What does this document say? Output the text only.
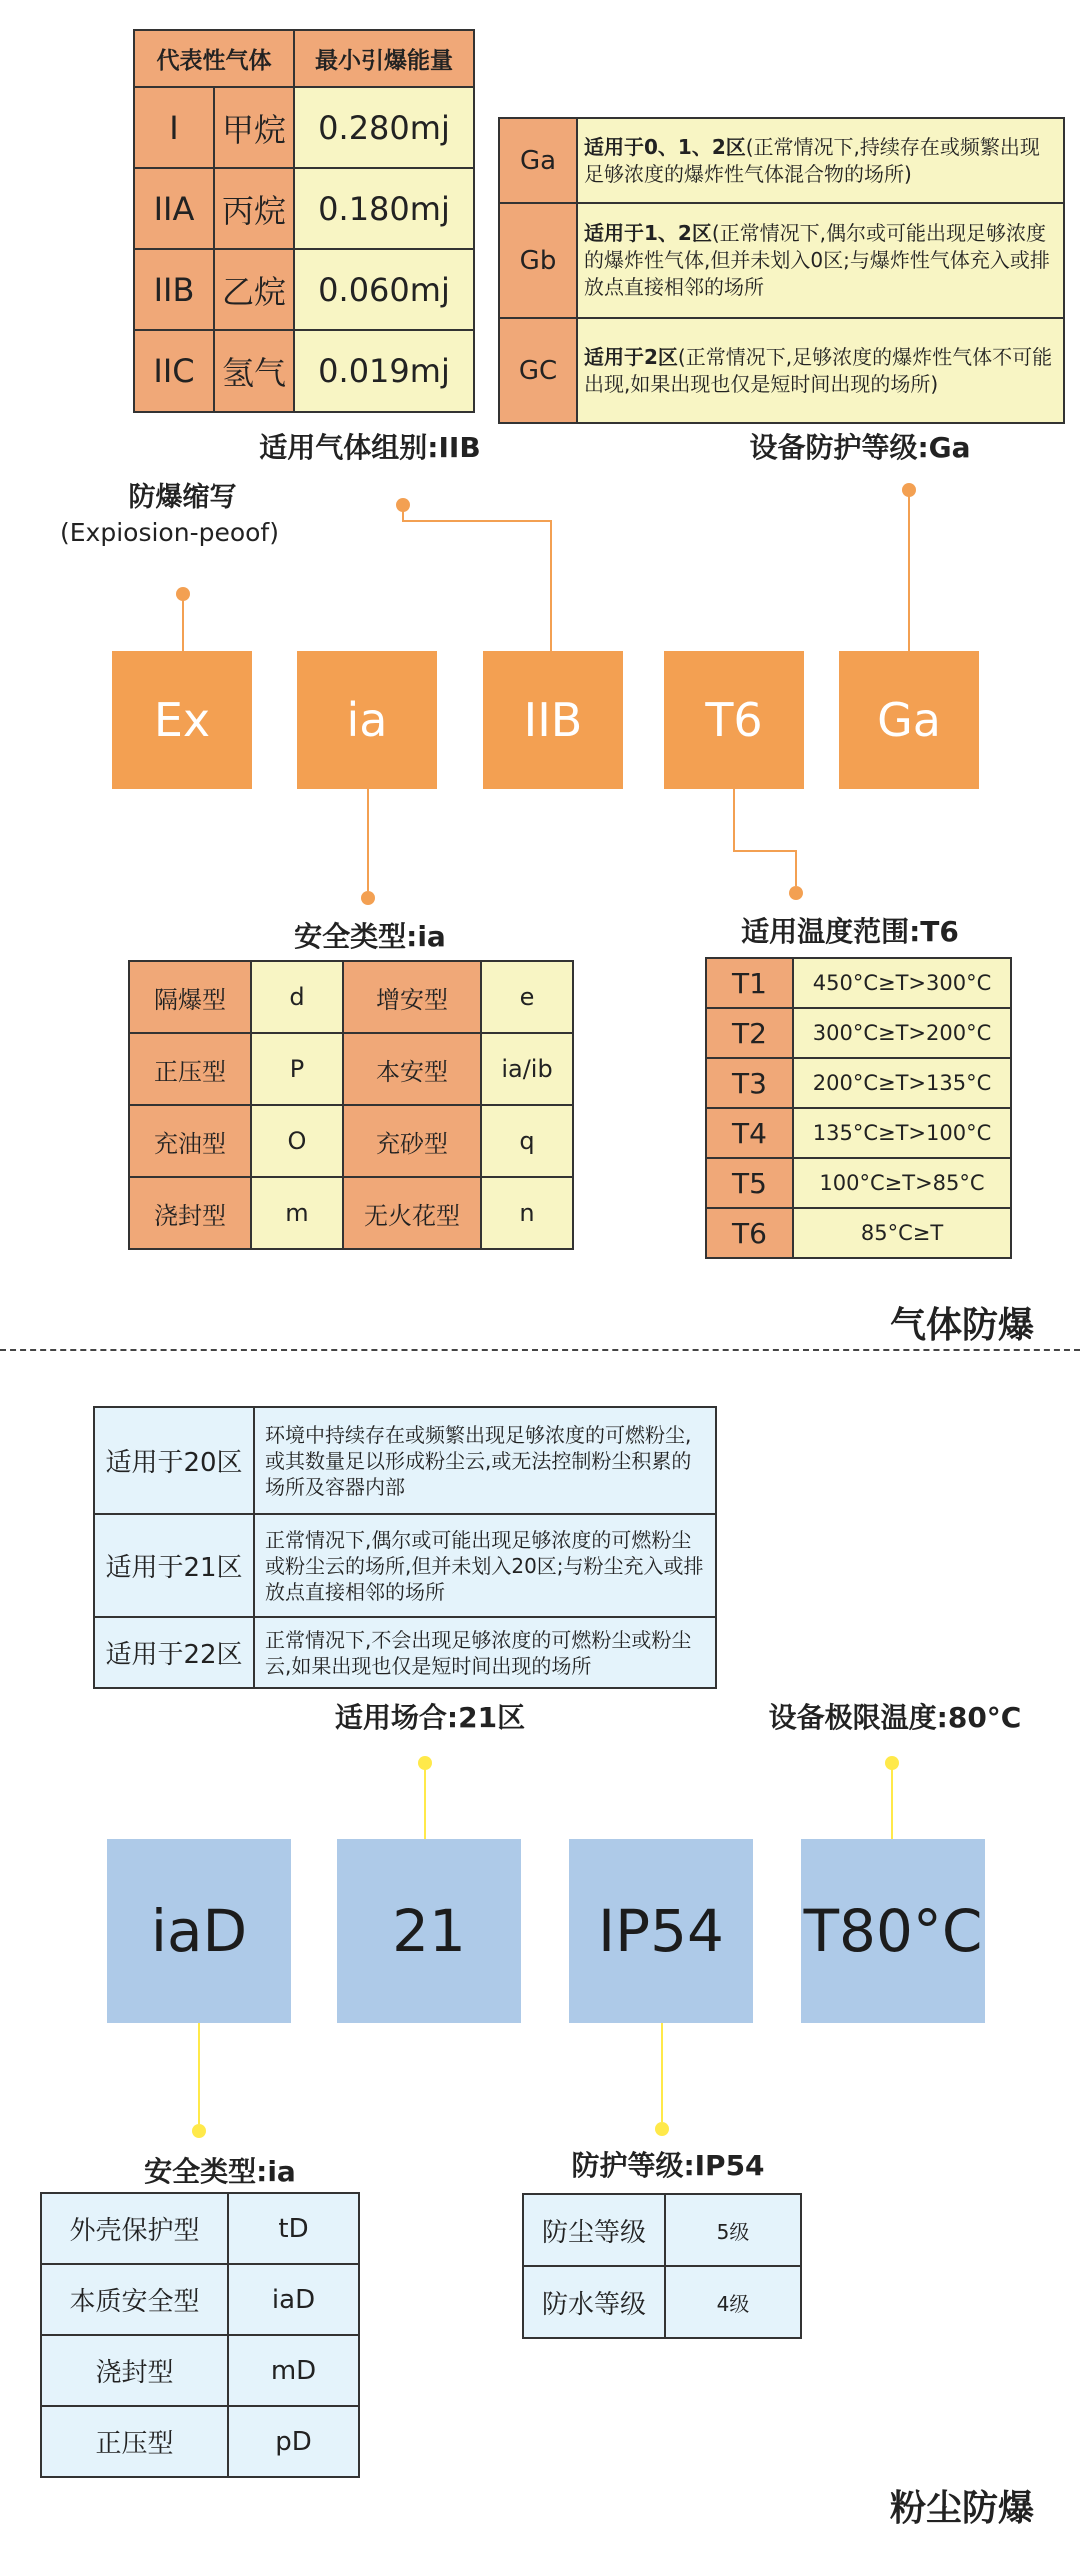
代表性气体		最小引爆能量
I	甲烷	0.280mj
IIA	丙烷	0.180mj
IIB	乙烷	0.060mj
IIC	氢气	0.019mj
适用气体组别:IIB
Ga	适用于0、1、2区(正常情况下,持续存在或频繁出现足够浓度的爆炸性气体混合物的场所)
Gb	适用于1、2区(正常情况下,偶尔或可能出现足够浓度的爆炸性气体,但并未划入0区;与爆炸性气体充入或排放点直接相邻的场所
GC	适用于2区(正常情况下,足够浓度的爆炸性气体不可能出现,如果出现也仅是短时间出现的场所)
设备防护等级:Ga
防爆缩写
(Expiosion-peoof)
Ex	ia	IIB	T6	Ga
安全类型:ia
隔爆型	d	增安型	e
正压型	P	本安型	ia/ib
充油型	O	充砂型	q
浇封型	m	无火花型	n
适用温度范围:T6
T1	450°C≥T>300°C
T2	300°C≥T>200°C
T3	200°C≥T>135°C
T4	135°C≥T>100°C
T5	100°C≥T>85°C
T6	85°C≥T
气体防爆
适用于20区	环境中持续存在或频繁出现足够浓度的可燃粉尘,或其数量足以形成粉尘云,或无法控制粉尘积累的场所及容器内部
适用于21区	正常情况下,偶尔或可能出现足够浓度的可燃粉尘或粉尘云的场所,但并未划入20区;与粉尘充入或排放点直接相邻的场所
适用于22区	正常情况下,不会出现足够浓度的可燃粉尘或粉尘云,如果出现也仅是短时间出现的场所
适用场合:21区	设备极限温度:80°C
iaD	21	IP54	T80°C
安全类型:ia
外壳保护型	tD
本质安全型	iaD
浇封型	mD
正压型	pD
防护等级:IP54
防尘等级	5级
防水等级	4级
粉尘防爆
